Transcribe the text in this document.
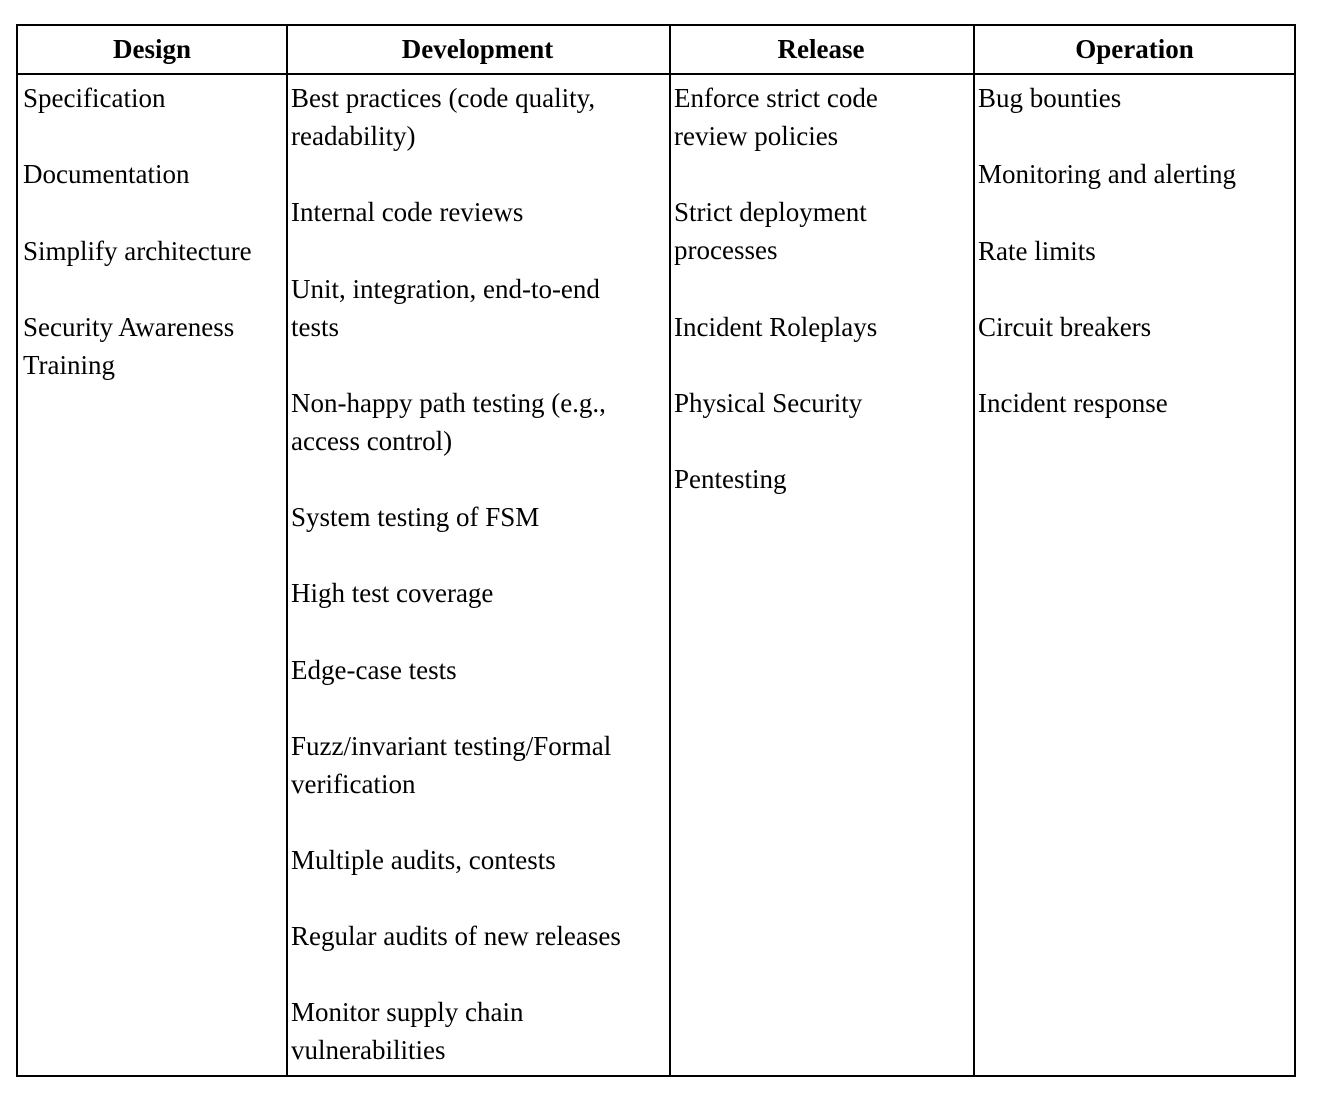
Design
Specification
Documentation
Simplify architecture
Security Awareness
Training
Development
Best practices (code quality,
readability)
Internal code reviews
Unit, integration, end-to-end
tests
Non-happy path testing (e.g.,
access control)
System testing of FSM
High test coverage
Edge-case tests
Fuzz/invariant testing/Formal
verification
Multiple audits, contests
Regular audits of new releases
Monitor supply chain
vulnerabilities
Release
Enforce strict code
review policies
Strict deployment
processes
Incident Roleplays
Physical Security
Pentesting
Operation
Bug bounties
Monitoring and alerting
Rate limits
Circuit breakers
Incident response
